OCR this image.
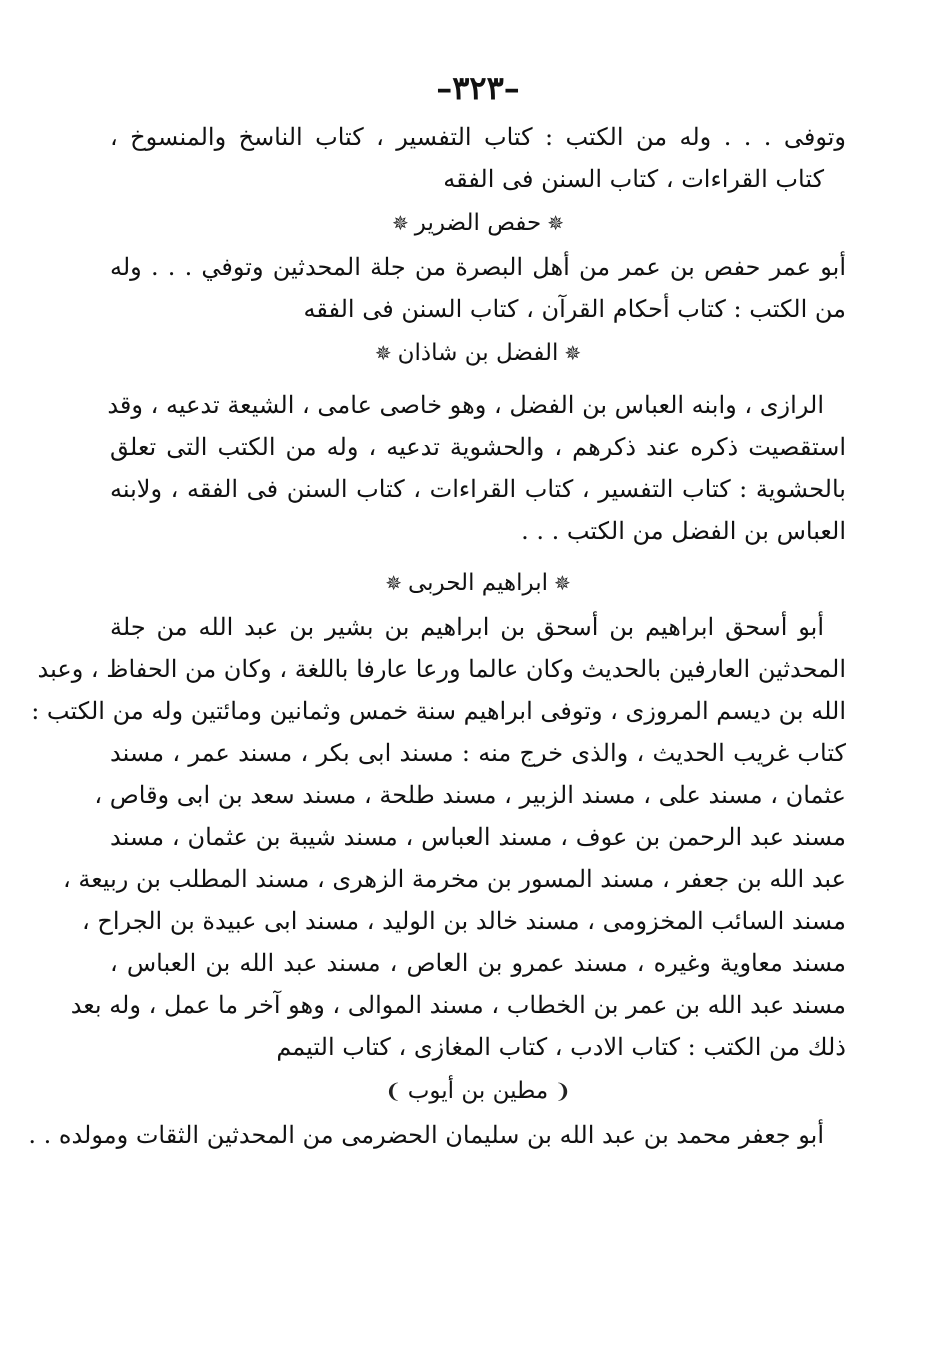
–٣٢٣–
وتوفى . . . وله من الكتب : كتاب التفسير ، كتاب الناسخ والمنسوخ ،
كتاب القراءات ، كتاب السنن فى الفقه
✵حفص الضرير✵
أبو عمر حفص بن عمر من أهل البصرة من جلة المحدثين وتوفي . . . وله
من الكتب : كتاب أحكام القرآن ، كتاب السنن فى الفقه
✵الفضل بن شاذان✵
الرازى ، وابنه العباس بن الفضل ، وهو خاصى عامى ، الشيعة تدعيه ، وقد
استقصيت ذكره عند ذكرهم ، والحشوية تدعيه ، وله من الكتب التى تعلق
بالحشوية : كتاب التفسير ، كتاب القراءات ، كتاب السنن فى الفقه ، ولابنه
العباس بن الفضل من الكتب . . .
✵ابراهيم الحربى✵
أبو أسحق ابراهيم بن أسحق بن ابراهيم بن بشير بن عبد الله من جلة
المحدثين العارفين بالحديث وكان عالما ورعا عارفا باللغة ، وكان من الحفاظ ، وعبد
الله بن ديسم المروزى ، وتوفى ابراهيم سنة خمس وثمانين ومائتين وله من الكتب :
كتاب غريب الحديث ، والذى خرج منه : مسند ابى بكر ، مسند عمر ، مسند
عثمان ، مسند على ، مسند الزبير ، مسند طلحة ، مسند سعد بن ابى وقاص ،
مسند عبد الرحمن بن عوف ، مسند العباس ، مسند شيبة بن عثمان ، مسند
عبد الله بن جعفر ، مسند المسور بن مخرمة الزهرى ، مسند المطلب بن ربيعة ،
مسند السائب المخزومى ، مسند خالد بن الوليد ، مسند ابى عبيدة بن الجراح ،
مسند معاوية وغيره ، مسند عمرو بن العاص ، مسند عبد الله بن العباس ،
مسند عبد الله بن عمر بن الخطاب ، مسند الموالى ، وهو آخر ما عمل ، وله بعد
ذلك من الكتب : كتاب الادب ، كتاب المغازى ، كتاب التيمم
❨مطين بن أيوب❩
أبو جعفر محمد بن عبد الله بن سليمان الحضرمى من المحدثين الثقات ومولده . .
